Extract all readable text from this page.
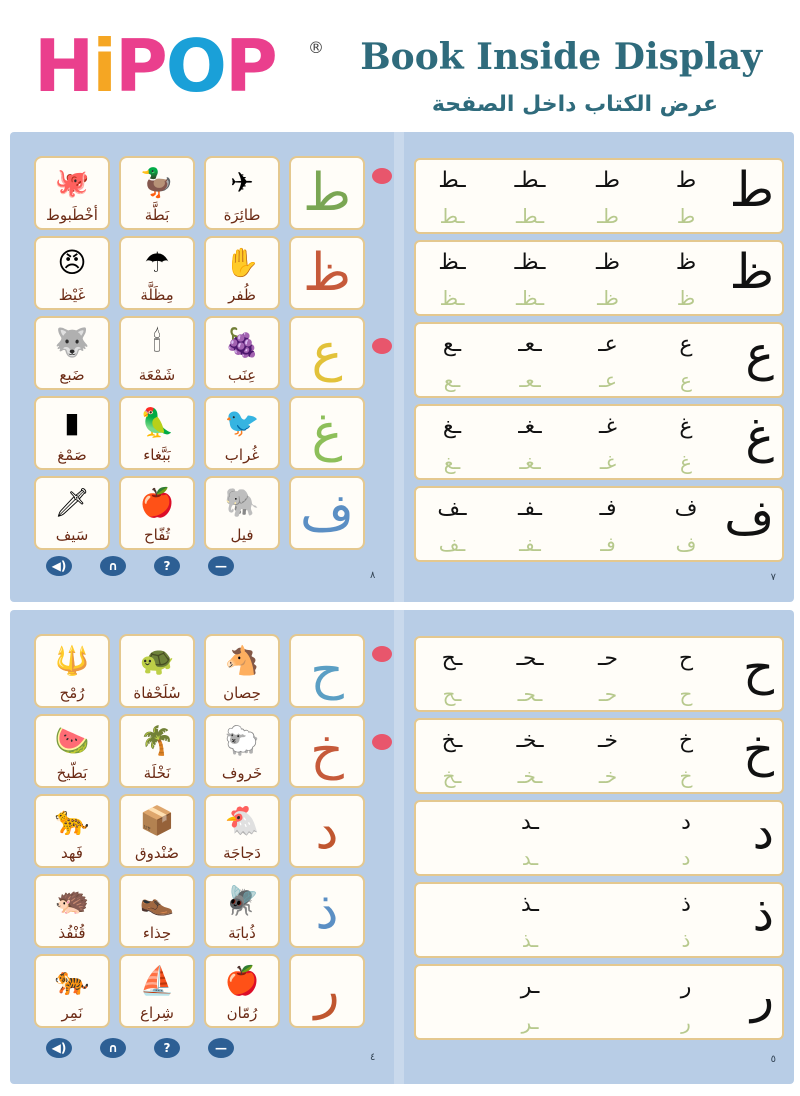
HiPOP ® Book Inside Display
عرض الكتاب داخل الصفحة
🐙
أخْطَبوط
🦆
بَطَّة
✈
طائِرَة ط
😠
غَيْظ
☂
مِظَلَّة
✋
ظُفر ظ
🐺
ضَبع
🕯
شَمْعَة
🍇
عِنَب	ع
▮
صَمْغ
🦜
بَبَّغاء
🐦
غُراب	غ
🗡
سَيف
🍎
تُفّاح
🐘
فيل ف
◀)	∩	?	—
٨	٧
ط
ـط	ـطـ	طـ	ط
ـط	ـطـ	طـ	ط
ظ
ـظ	ـظـ	ظـ	ظ
ـظ	ـظـ	ظـ	ظ
ع
ـع	ـعـ	عـ	ع
ـع	ـعـ	عـ	ع
غ
ـغ	ـغـ	غـ	غ
ـغ	ـغـ	غـ	غ
ف
ـف	ـفـ	فـ	ف
ـف	ـفـ	فـ	ف
🔱
رُمْح
🐢
سُلَحْفاة
🐴
حِصان ح
🍉
بَطّيخ
🌴
نَخْلَة
🐑
خَروف خ
🐆
فَهد
📦
صُنْدوق
🐔
دَجاجَة	د
🦔
قُنْفُذ
👞
حِذاء
🪰
ذُبابَة	ذ
🐅
نَمِر
⛵
شِراع
🍎
رُمّان	ر
◀)	∩	?	—
٤	٥
ح
ـح	ـحـ	حـ	ح
ـح	ـحـ	حـ	ح
خ
ـخ	ـخـ	خـ	خ
ـخ	ـخـ	خـ	خ
د
ـد	د
ـد	د
ذ
ـذ	ذ
ـذ	ذ
ر
ـر	ر
ـر	ر
